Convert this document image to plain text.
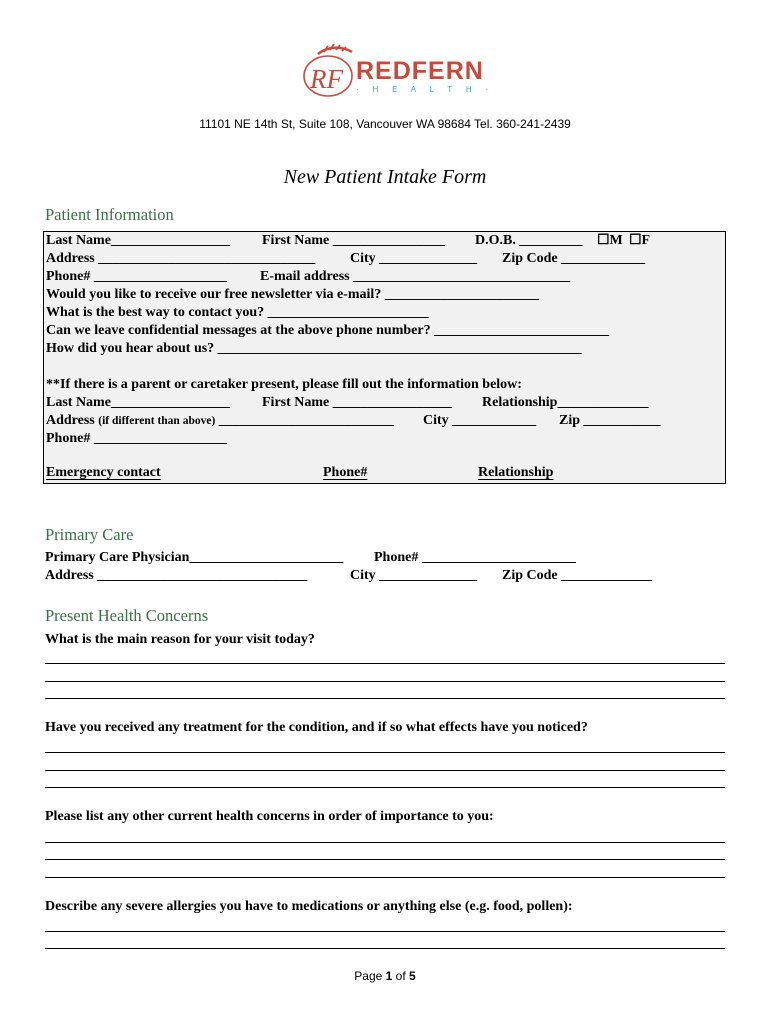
RF REDFERN
· H E A L T H ·
11101 NE 14th St, Suite 108, Vancouver WA 98684 Tel. 360-241-2439
New Patient Intake Form
Patient Information
Last Name_________________ First Name ________________ D.O.B. _________ ☐M ☐F
Address _______________________________ City ______________ Zip Code ____________
Phone# ___________________ E-mail address _______________________________
Would you like to receive our free newsletter via e-mail? ______________________
What is the best way to contact you? _______________________
Can we leave confidential messages at the above phone number? _________________________
How did you hear about us? ____________________________________________________
**If there is a parent or caretaker present, please fill out the information below:
Last Name_________________ First Name _________________ Relationship_____________
Address (if different than above) _________________________ City ____________ Zip ___________
Phone# ___________________
Emergency contact	Phone#	Relationship
Primary Care
Primary Care Physician______________________ Phone# ______________________
Address ______________________________	City ______________ Zip Code _____________
Present Health Concerns
What is the main reason for your visit today?
Have you received any treatment for the condition, and if so what effects have you noticed?
Please list any other current health concerns in order of importance to you:
Describe any severe allergies you have to medications or anything else (e.g. food, pollen):
Page 1 of 5
